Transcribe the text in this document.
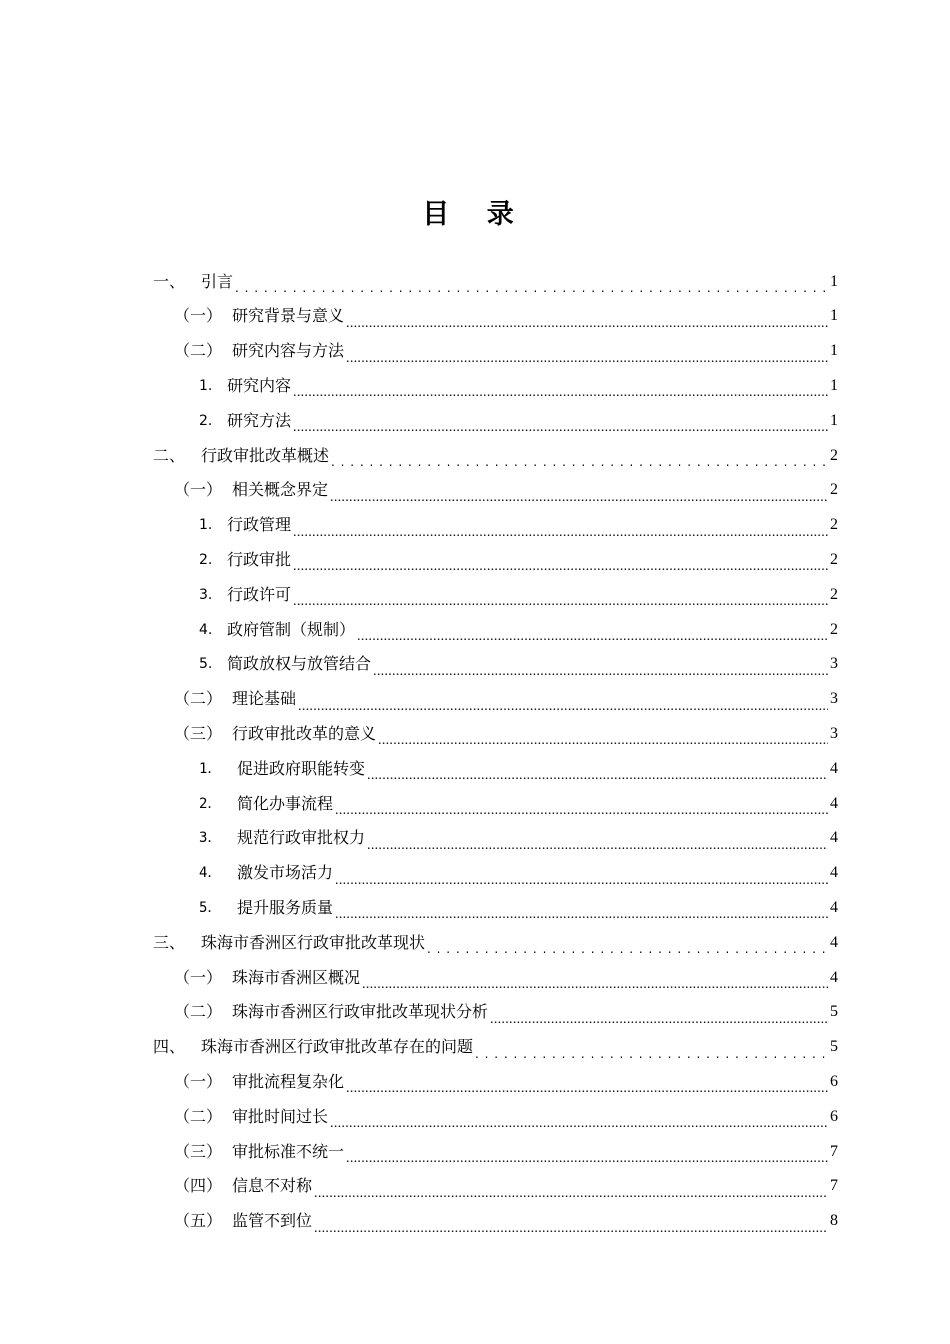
目 录
一、 引言 . . .	1
（一） 研究背景与意义 .....	1
（二） 研究内容与方法 .....	1
1. 研究内容 .....	1
2. 研究方法 .....	1
二、 行政审批改革概述 . . .	2
（一） 相关概念界定 .....	2
1. 行政管理 .....	2
2. 行政审批 .....	2
3. 行政许可 .....	2
4. 政府管制（规制） .....	2
5. 简政放权与放管结合 .....	3
（二） 理论基础 .....	3
（三） 行政审批改革的意义 .....	3
1． 促进政府职能转变 .....	4
2． 简化办事流程 .....	4
3． 规范行政审批权力 .....	4
4． 激发市场活力 .....	4
5． 提升服务质量 .....	4
三、 珠海市香洲区行政审批改革现状 . . .	4
（一） 珠海市香洲区概况 .....	4
（二） 珠海市香洲区行政审批改革现状分析 .....	5
四、 珠海市香洲区行政审批改革存在的问题 . . .	5
（一） 审批流程复杂化 .....	6
（二） 审批时间过长 .....	6
（三） 审批标准不统一 .....	7
（四） 信息不对称 .....	7
（五） 监管不到位 .....	8
